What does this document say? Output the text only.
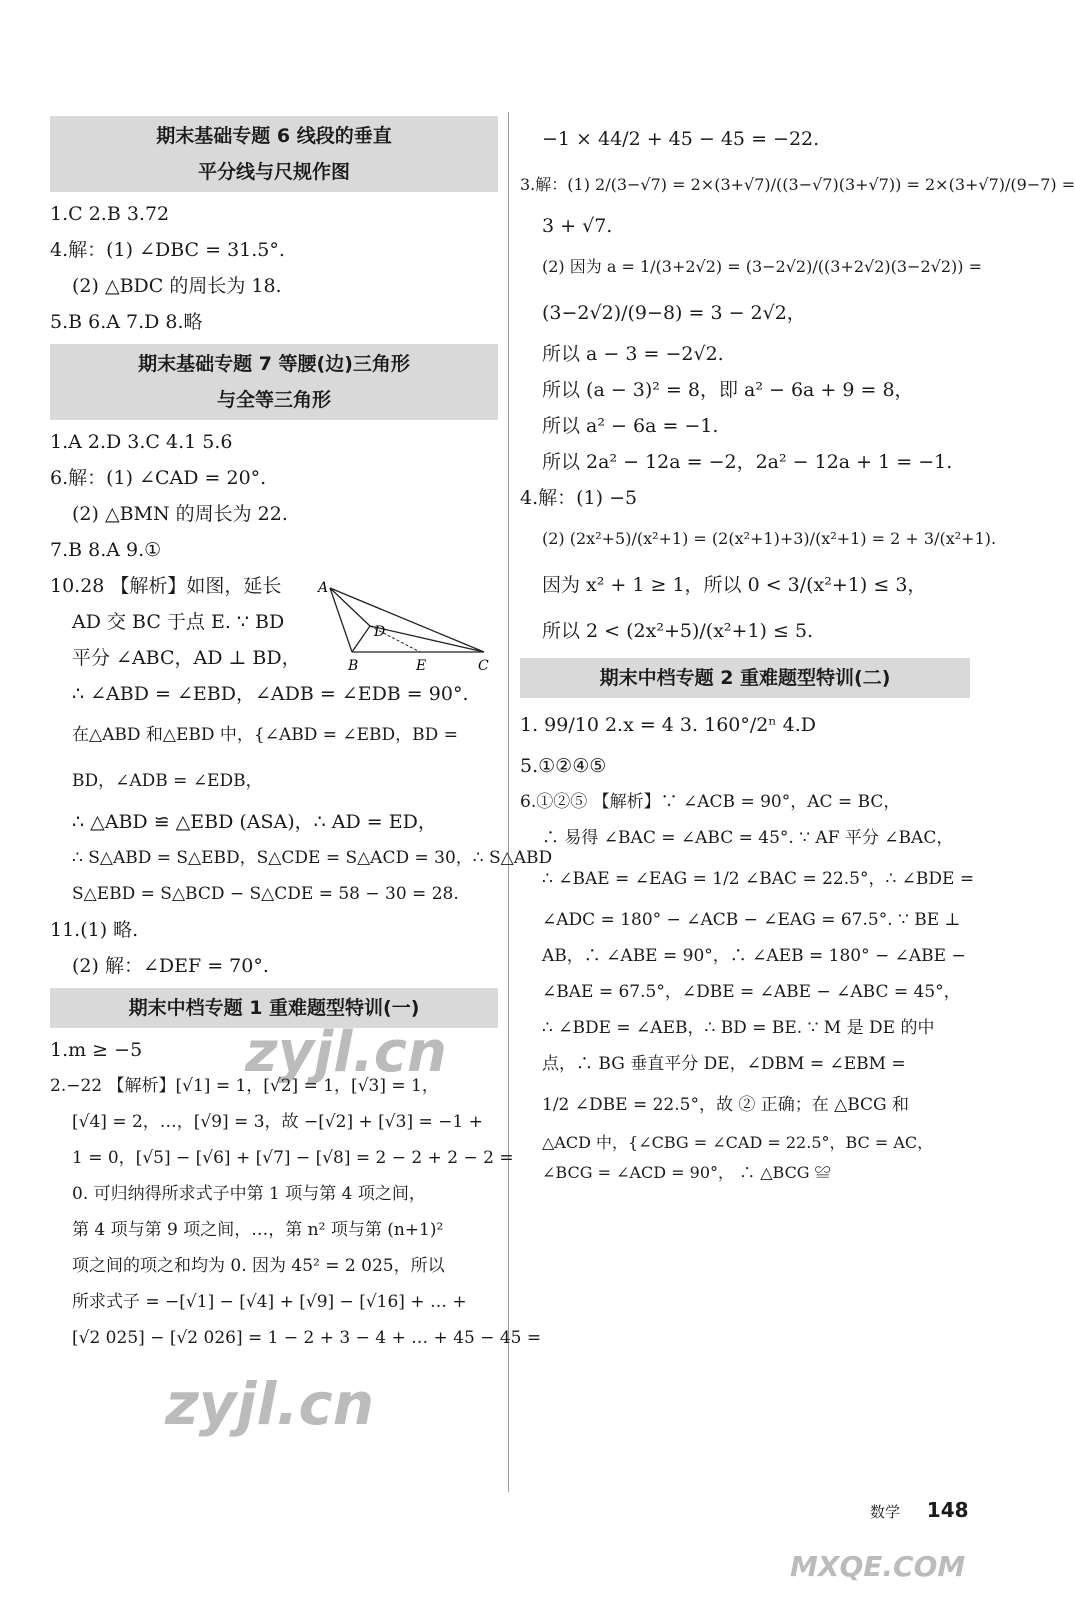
期末基础专题 6 线段的垂直
平分线与尺规作图
1.C 2.B 3.72
4.解：(1) ∠DBC = 31.5°.
(2) △BDC 的周长为 18.
5.B 6.A 7.D 8.略
期末基础专题 7 等腰(边)三角形
与全等三角形
1.A 2.D 3.C 4.1 5.6
6.解：(1) ∠CAD = 20°.
(2) △BMN 的周长为 22.
7.B 8.A 9.①
10.28 【解析】如图，延长
AD 交 BC 于点 E. ∵ BD
平分 ∠ABC，AD ⊥ BD，
∴ ∠ABD = ∠EBD，∠ADB = ∠EDB = 90°.
在△ABD 和△EBD 中，{∠ABD = ∠EBD，BD = BD，∠ADB = ∠EDB，
∴ △ABD ≌ △EBD (ASA)，∴ AD = ED，
∴ S△ABD = S△EBD，S△CDE = S△ACD = 30，∴ S△ABD
S△EBD = S△BCD − S△CDE = 58 − 30 = 28.
11.(1) 略.
(2) 解：∠DEF = 70°.
期末中档专题 1 重难题型特训(一)
1.m ≥ −5
2.−22 【解析】[√1] = 1，[√2] = 1，[√3] = 1，
[√4] = 2，…，[√9] = 3，故 −[√2] + [√3] = −1 +
1 = 0，[√5] − [√6] + [√7] − [√8] = 2 − 2 + 2 − 2 =
0. 可归纳得所求式子中第 1 项与第 4 项之间，
第 4 项与第 9 项之间，…，第 n² 项与第 (n+1)²
项之间的项之和均为 0. 因为 45² = 2 025，所以
所求式子 = −[√1] − [√4] + [√9] − [√16] + … +
[√2 025] − [√2 026] = 1 − 2 + 3 − 4 + … + 45 − 45 =
A
B	C
D
E
−1 × 44/2 + 45 − 45 = −22.
3.解：(1) 2/(3−√7) = 2×(3+√7)/((3−√7)(3+√7)) = 2×(3+√7)/(9−7) =
3 + √7.
(2) 因为 a = 1/(3+2√2) = (3−2√2)/((3+2√2)(3−2√2)) =
(3−2√2)/(9−8) = 3 − 2√2，
所以 a − 3 = −2√2.
所以 (a − 3)² = 8，即 a² − 6a + 9 = 8，
所以 a² − 6a = −1.
所以 2a² − 12a = −2，2a² − 12a + 1 = −1.
4.解：(1) −5
(2) (2x²+5)/(x²+1) = (2(x²+1)+3)/(x²+1) = 2 + 3/(x²+1).
因为 x² + 1 ≥ 1，所以 0 < 3/(x²+1) ≤ 3，
所以 2 < (2x²+5)/(x²+1) ≤ 5.
期末中档专题 2 重难题型特训(二)
1. 99/10 2.x = 4 3. 160°/2ⁿ 4.D
5.①②④⑤
6.①②⑤ 【解析】∵ ∠ACB = 90°，AC = BC，
∴ 易得 ∠BAC = ∠ABC = 45°. ∵ AF 平分 ∠BAC，
∴ ∠BAE = ∠EAG = 1/2 ∠BAC = 22.5°，∴ ∠BDE =
∠ADC = 180° − ∠ACB − ∠EAG = 67.5°. ∵ BE ⊥
AB，∴ ∠ABE = 90°，∴ ∠AEB = 180° − ∠ABE −
∠BAE = 67.5°，∠DBE = ∠ABE − ∠ABC = 45°，
∴ ∠BDE = ∠AEB，∴ BD = BE. ∵ M 是 DE 的中
点，∴ BG 垂直平分 DE，∠DBM = ∠EBM =
1/2 ∠DBE = 22.5°，故 ② 正确；在 △BCG 和
△ACD 中，{∠CBG = ∠CAD = 22.5°，BC = AC，∠BCG = ∠ACD = 90°， ∴ △BCG ≌
数学 148
zyjl.cn
zyjl.cn
MXQE.COM
